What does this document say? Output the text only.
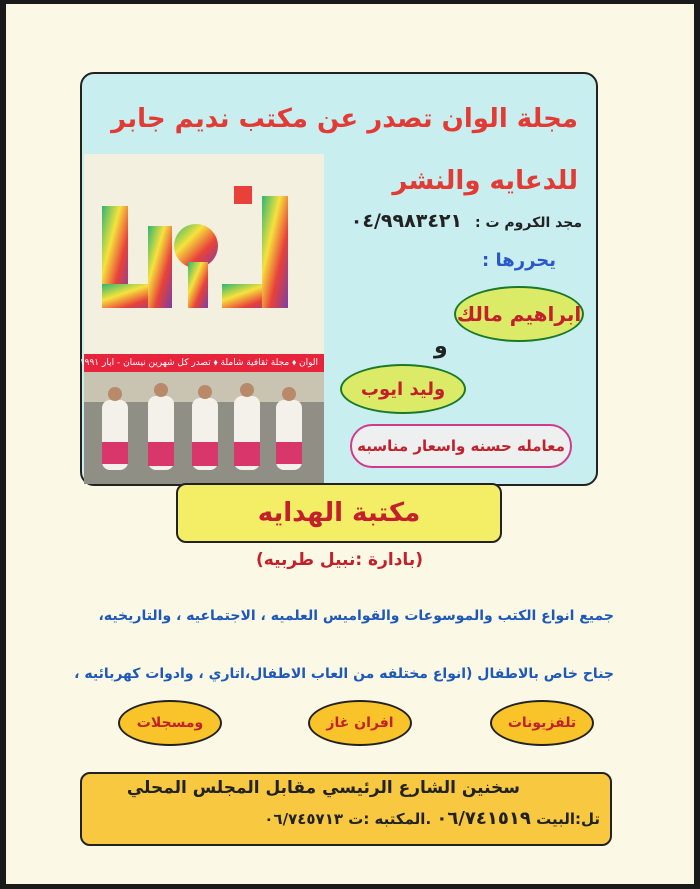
مجلة الوان تصدر عن مكتب نديم جابر
للدعايه والنشر
مجد الكروم ت : ٠٤/٩٩٨٣٤٢١
الوان
الوان ⬧ مجلة ثقافية شاملة ⬧ تصدر كل شهرين نيسان - ايار ١٩٩١
يحررها :
ابراهيم مالك
و
وليد ايوب
معامله حسنه واسعار مناسبه
مكتبة الهدايه
(بادارة :نبيل طربيه)
جميع انواع الكتب والموسوعات والقواميس العلميه ، الاجتماعيه ، والتاريخيه،
جناح خاص بالاطفال (انواع مختلفه من العاب الاطفال،اتاري ، وادوات كهربائيه ،
تلفزيونات
افران غاز
ومسجلات
سخنين الشارع الرئيسي مقابل المجلس المحلي
تل:البيت ٠٦/٧٤١٥١٩ .المكتبه :ت ٠٦/٧٤٥٧١٣
